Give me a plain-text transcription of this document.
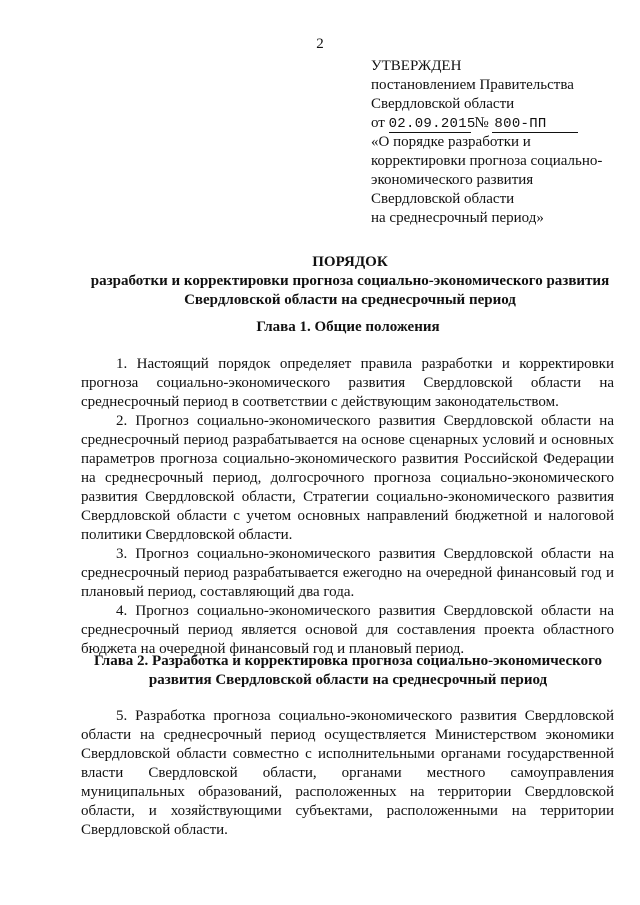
2
УТВЕРЖДЕН
постановлением Правительства
Свердловской области
от 02.09.2015 № 800-ПП
«О порядке разработки и
корректировки прогноза социально-
экономического развития
Свердловской области
на среднесрочный период»
ПОРЯДОК
разработки и корректировки прогноза социально-экономического развития
Свердловской области на среднесрочный период
Глава 1. Общие положения

1. Настоящий порядок определяет правила разработки и корректировки прогноза социально-экономического развития Свердловской области на среднесрочный период в соответствии с действующим законодательством.

2. Прогноз социально-экономического развития Свердловской области на среднесрочный период разрабатывается на основе сценарных условий и основных параметров прогноза социально-экономического развития Российской Федерации на среднесрочный период, долгосрочного прогноза социально-экономического развития Свердловской области, Стратегии социально-экономического развития Свердловской области с учетом основных направлений бюджетной и налоговой политики Свердловской области.

3. Прогноз социально-экономического развития Свердловской области на среднесрочный период разрабатывается ежегодно на очередной финансовый год и плановый период, составляющий два года.

4. Прогноз социально-экономического развития Свердловской области на среднесрочный период является основой для составления проекта областного бюджета на очередной финансовый год и плановый период.

Глава 2. Разработка и корректировка прогноза социально-экономического
развития Свердловской области на среднесрочный период

5. Разработка прогноза социально-экономического развития Свердловской области на среднесрочный период осуществляется Министерством экономики Свердловской области совместно с исполнительными органами государственной власти Свердловской области, органами местного самоуправления муниципальных образований, расположенных на территории Свердловской области, и хозяйствующими субъектами, расположенными на территории Свердловской области.
